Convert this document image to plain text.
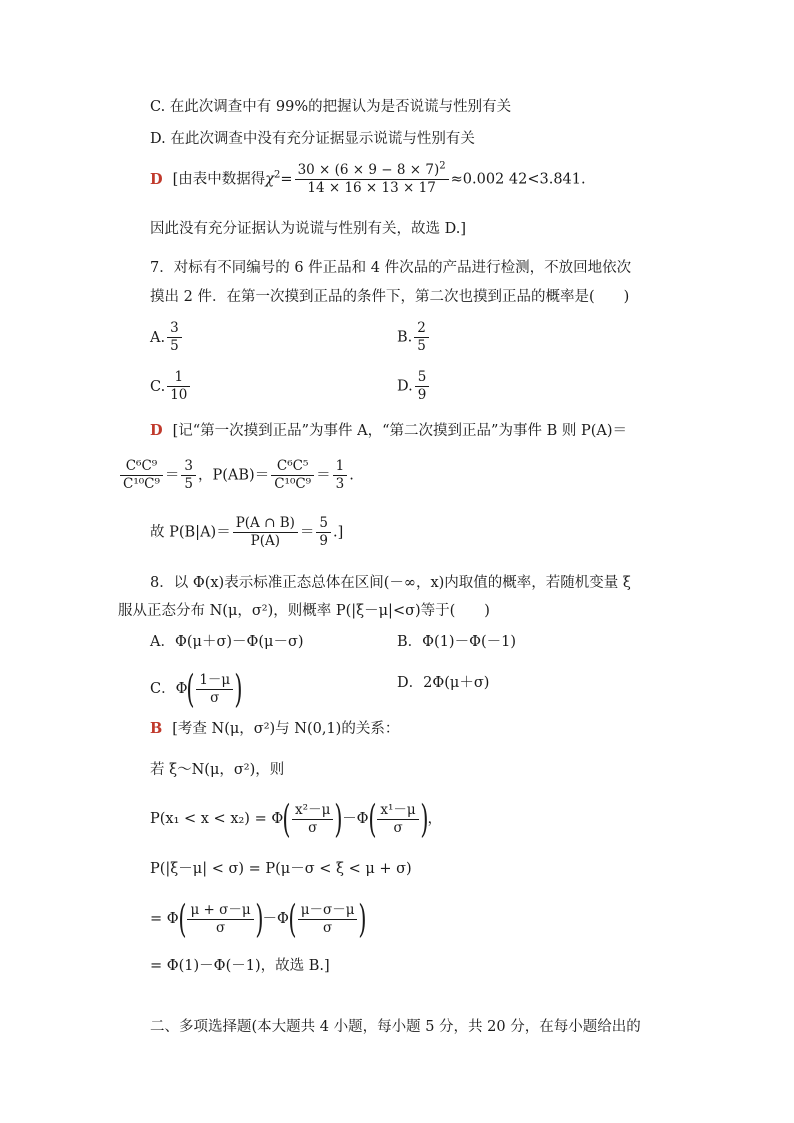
C. 在此次调查中有 99%的把握认为是否说谎与性别有关
D. 在此次调查中没有充分证据显示说谎与性别有关
D [由表中数据得$\chi^2= \frac{30 \times (6 \times 9 - 8 \times 7)^2}{14 \times 16 \times 13 \times 17} \approx 0.002$ 42<3.841.
因此没有充分证据认为说谎与性别有关，故选 D.]
7．对标有不同编号的 6 件正品和 4 件次品的产品进行检测，不放回地依次
摸出 2 件．在第一次摸到正品的条件下，第二次也摸到正品的概率是(　　)
A. $\frac{3}{5}$	B. $\frac{2}{5}$
C. $\frac{1}{10}$	D. $\frac{5}{9}$
D [记“第一次摸到正品”为事件 A，“第二次摸到正品”为事件 B 则 P(A)＝
$\frac{\text{C⁶C⁹}}{\text{C¹⁰C⁹}} = \frac{3}{5}$ ，$P(AB)= \frac{\text{C⁶C⁵}}{\text{C¹⁰C⁹}} = \frac{1}{3}$ .
故 $P(B|A)= \frac{P(A \cap B)}{P(A)} = \frac{5}{9}$ .]
8．以 Φ(x)表示标准正态总体在区间(－∞，x)内取值的概率，若随机变量 ξ
服从正态分布 N(μ，σ²)，则概率 P(|ξ－μ|<σ)等于(　　)
A．Φ(μ＋σ)－Φ(μ－σ)	B．Φ(1)－Φ(－1)
C．$\Phi( \frac{1-\mu}{\sigma}$ )	D．2Φ(μ＋σ)
B [考查 N(μ，σ²)与 N(0,1)的关系：
若 ξ～N(μ，σ²)，则
$P(x_1 < x < x_2) = \Phi( \frac{\text{x²－μ}}{\sigma} )-\Phi( \frac{\text{x¹－μ}}{\sigma}$ )，
P(|ξ－μ| < σ) = P(μ－σ < ξ < μ + σ)
= $\Phi( \frac{\mu + \sigma-\mu}{\sigma} )-\Phi( \frac{\mu-\sigma-\mu}{\sigma}$ )
= Φ(1)－Φ(－1)，故选 B.]
二、多项选择题(本大题共 4 小题，每小题 5 分，共 20 分，在每小题给出的
